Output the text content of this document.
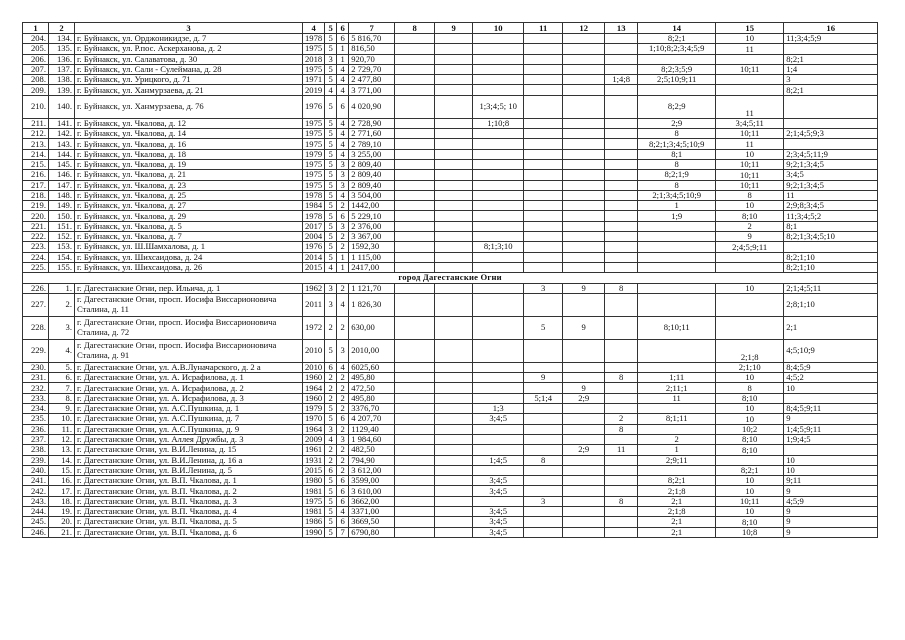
1	2	3	4	5	6	7	8	9	10	11	12	13	14	15	16
204.	134.	г. Буйнакск, ул. Орджоникидзе, д. 7	1978	5	6	5 816,70							8;2;1	10	11;3;4;5;9
205.	135.	г. Буйнакск, ул. Р.пос. Аскерханова, д. 2	1975	5	1	816,50							1;10;8;2;3;4;5;9	11	
206.	136.	г. Буйнакск, ул. Салаватова, д. 30	2018	3	1	920,70									8;2;1
207.	137.	г. Буйнакск, ул. Сали - Сулеймана, д. 28	1975	5	4	2 729,70							8;2;3;5;9	10;11	1;4
208.	138.	г. Буйнакск, ул. Урицкого, д. 71	1971	5	4	2 477,80						1;4;8	2;5;10;9;11		3
209.	139.	г. Буйнакск, ул. Ханмурзаева, д. 21	2019	4	4	3 771,00									8;2;1
210.	140.	г. Буйнакск, ул. Ханмурзаева, д. 76	1976	5	6	4 020,90			1;3;4;5; 10				8;2;9	11	
211.	141.	г. Буйнакск, ул. Чкалова, д. 12	1975	5	4	2 728,90			1;10;8				2;9	3;4;5;11	
212.	142.	г. Буйнакск, ул. Чкалова, д. 14	1975	5	4	2 771,60							8	10;11	2;1;4;5;9;3
213.	143.	г. Буйнакск, ул. Чкалова, д. 16	1975	5	4	2 789,10							8;2;1;3;4;5;10;9	11	
214.	144.	г. Буйнакск, ул. Чкалова, д. 18	1979	5	4	3 255,00							8;1	10	2;3;4;5;11;9
215.	145.	г. Буйнакск, ул. Чкалова, д. 19	1975	5	3	2 809,40							8	10;11	9;2;1;3;4;5
216.	146.	г. Буйнакск, ул. Чкалова, д. 21	1975	5	3	2 809,40							8;2;1;9	10;11	3;4;5
217.	147.	г. Буйнакск, ул. Чкалова, д. 23	1975	5	3	2 809,40							8	10;11	9;2;1;3;4;5
218.	148.	г. Буйнакск, ул. Чкалова, д. 25	1978	5	4	3 504,00							2;1;3;4;5;10;9	8	11
219.	149.	г. Буйнакск, ул. Чкалова, д. 27	1984	5	2	1442,00							1	10	2;9;8;3;4;5
220.	150.	г. Буйнакск, ул. Чкалова, д. 29	1978	5	6	5 229,10							1;9	8;10	11;3;4;5;2
221.	151.	г. Буйнакск, ул. Чкалова, д. 5	2017	5	3	2 376,00								2	8;1
222.	152.	г. Буйнакск, ул. Чкалова, д. 7	2004	5	2	3 367,00								9	8;2;1;3;4;5;10
223.	153.	г. Буйнакск, ул. Ш.Шамхалова, д. 1	1976	5	2	1592,30			8;1;3;10					2;4;5;9;11	
224.	154.	г. Буйнакск, ул. Шихсаидова, д. 24	2014	5	1	1 115,00									8;2;1;10
225.	155.	г. Буйнакск, ул. Шихсаидова, д. 26	2015	4	1	2417,00									8;2;1;10
город Дагестанские Огни															
226.	1.	г. Дагестанские Огни, пер. Ильича, д. 1	1962	3	2	1 121,70				3	9	8		10	2;1;4;5;11
227.	2.	г. Дагестанские Огни, просп. Иосифа Виссарионовича Сталина, д. 11	2011	3	4	1 826,30									2;8;1;10
228.	3.	г. Дагестанские Огни, просп. Иосифа Виссарионовича Сталина, д. 72	1972	2	2	630,00				5	9		8;10;11		2;1
229.	4.	г. Дагестанские Огни, просп. Иосифа Виссарионовича Сталина, д. 91	2010	5	3	2010,00								2;1;8	4;5;10;9
230.	5.	г. Дагестанские Огни, ул. А.В.Луначарского, д. 2 а	2010	6	4	6025,60								2;1;10	8;4;5;9
231.	6.	г. Дагестанские Огни, ул. А. Исрафилова, д. 1	1960	2	2	495,80				9		8	1;11	10	4;5;2
232.	7.	г. Дагестанские Огни, ул. А. Исрафилова, д. 2	1964	2	2	472,50					9		2;11;1	8	10
233.	8.	г. Дагестанские Огни, ул. А. Исрафилова, д. 3	1960	2	2	495,80				5;1;4	2;9		11	8;10	
234.	9.	г. Дагестанские Огни, ул. А.С.Пушкина, д. 1	1979	5	2	3376,70			1;3					10	8;4;5;9;11
235.	10.	г. Дагестанские Огни, ул. А.С.Пушкина, д. 7	1970	5	6	4 207,70			3;4;5			2	8;1;11	10	9
236.	11.	г. Дагестанские Огни, ул. А.С.Пушкина, д. 9	1964	3	2	1129,40						8		10;2	1;4;5;9;11
237.	12.	г. Дагестанские Огни, ул. Аллея Дружбы, д. 3	2009	4	3	1 984,60							2	8;10	1;9;4;5
238.	13.	г. Дагестанские Огни, ул. В.И.Ленина, д. 15	1961	2	2	482,50					2;9	11	1	8;10	
239.	14.	г. Дагестанские Огни, ул. В.И.Ленина, д. 16 а	1931	2	2	794,90			1;4;5	8			2;9;11		10
240.	15.	г. Дагестанские Огни, ул. В.И.Ленина, д. 5	2015	6	2	3 612,00								8;2;1	10
241.	16.	г. Дагестанские Огни, ул. В.П. Чкалова, д. 1	1980	5	6	3599,00			3;4;5				8;2;1	10	9;11
242.	17.	г. Дагестанские Огни, ул. В.П. Чкалова, д. 2	1981	5	6	3 610,00			3;4;5				2;1;8	10	9
243.	18.	г. Дагестанские Огни, ул. В.П. Чкалова, д. 3	1975	5	6	3662,00				3		8	2;1	10;11	4;5;9
244.	19.	г. Дагестанские Огни, ул. В.П. Чкалова, д. 4	1981	5	4	3371,00			3;4;5				2;1;8	10	9
245.	20.	г. Дагестанские Огни, ул. В.П. Чкалова, д. 5	1986	5	6	3669,50			3;4;5				2;1	8;10	9
246.	21.	г. Дагестанские Огни, ул. В.П. Чкалова, д. 6	1990	5	7	6790,80			3;4;5				2;1	10;8	9
